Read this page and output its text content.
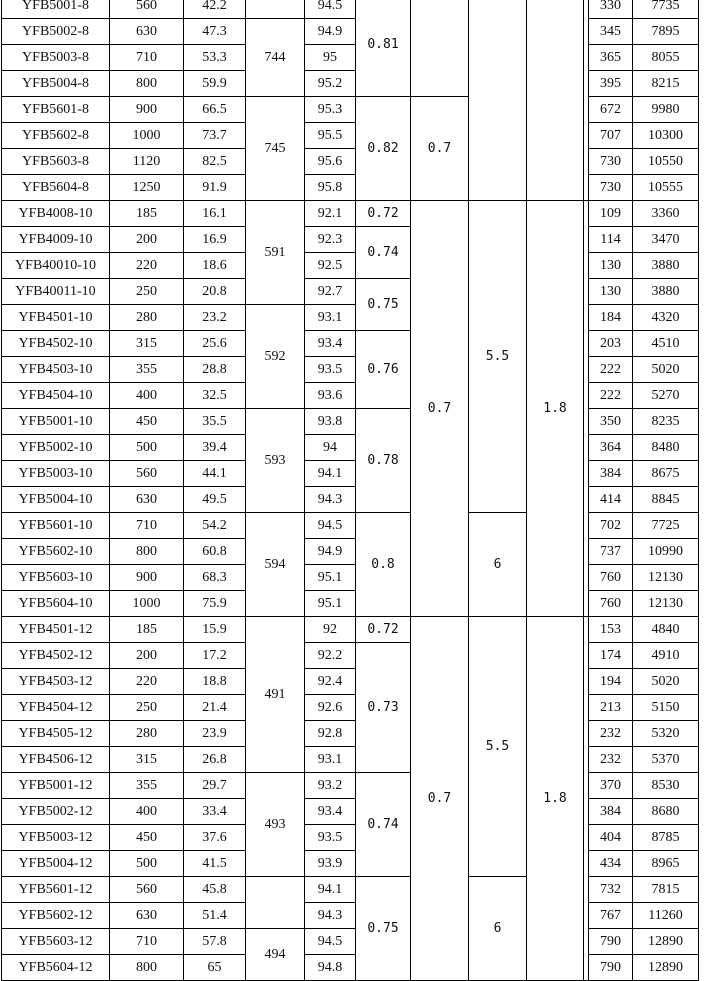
YFB5001-8	560	42.2		94.5	0.81					330	7735
YFB5002-8	630	47.3	744	94.9						345	7895
YFB5003-8	710	53.3		95						365	8055
YFB5004-8	800	59.9		95.2						395	8215
YFB5601-8	900	66.5	745	95.3	0.82	0.7				672	9980
YFB5602-8	1000	73.7		95.5						707	10300
YFB5603-8	1120	82.5		95.6						730	10550
YFB5604-8	1250	91.9		95.8						730	10555
YFB4008-10	185	16.1	591	92.1	0.72	0.7	5.5	1.8		109	3360
YFB4009-10	200	16.9		92.3	0.74					114	3470
YFB40010-10	220	18.6		92.5						130	3880
YFB40011-10	250	20.8		92.7	0.75					130	3880
YFB4501-10	280	23.2	592	93.1						184	4320
YFB4502-10	315	25.6		93.4	0.76					203	4510
YFB4503-10	355	28.8		93.5						222	5020
YFB4504-10	400	32.5		93.6						222	5270
YFB5001-10	450	35.5	593	93.8	0.78					350	8235
YFB5002-10	500	39.4		94						364	8480
YFB5003-10	560	44.1		94.1						384	8675
YFB5004-10	630	49.5		94.3						414	8845
YFB5601-10	710	54.2	594	94.5	0.8		6			702	7725
YFB5602-10	800	60.8		94.9						737	10990
YFB5603-10	900	68.3		95.1						760	12130
YFB5604-10	1000	75.9		95.1						760	12130
YFB4501-12	185	15.9	491	92	0.72	0.7	5.5	1.8		153	4840
YFB4502-12	200	17.2		92.2	0.73					174	4910
YFB4503-12	220	18.8		92.4						194	5020
YFB4504-12	250	21.4		92.6						213	5150
YFB4505-12	280	23.9		92.8						232	5320
YFB4506-12	315	26.8		93.1						232	5370
YFB5001-12	355	29.7	493	93.2	0.74					370	8530
YFB5002-12	400	33.4		93.4						384	8680
YFB5003-12	450	37.6		93.5						404	8785
YFB5004-12	500	41.5		93.9						434	8965
YFB5601-12	560	45.8		94.1	0.75		6			732	7815
YFB5602-12	630	51.4		94.3						767	11260
YFB5603-12	710	57.8	494	94.5						790	12890
YFB5604-12	800	65		94.8						790	12890
